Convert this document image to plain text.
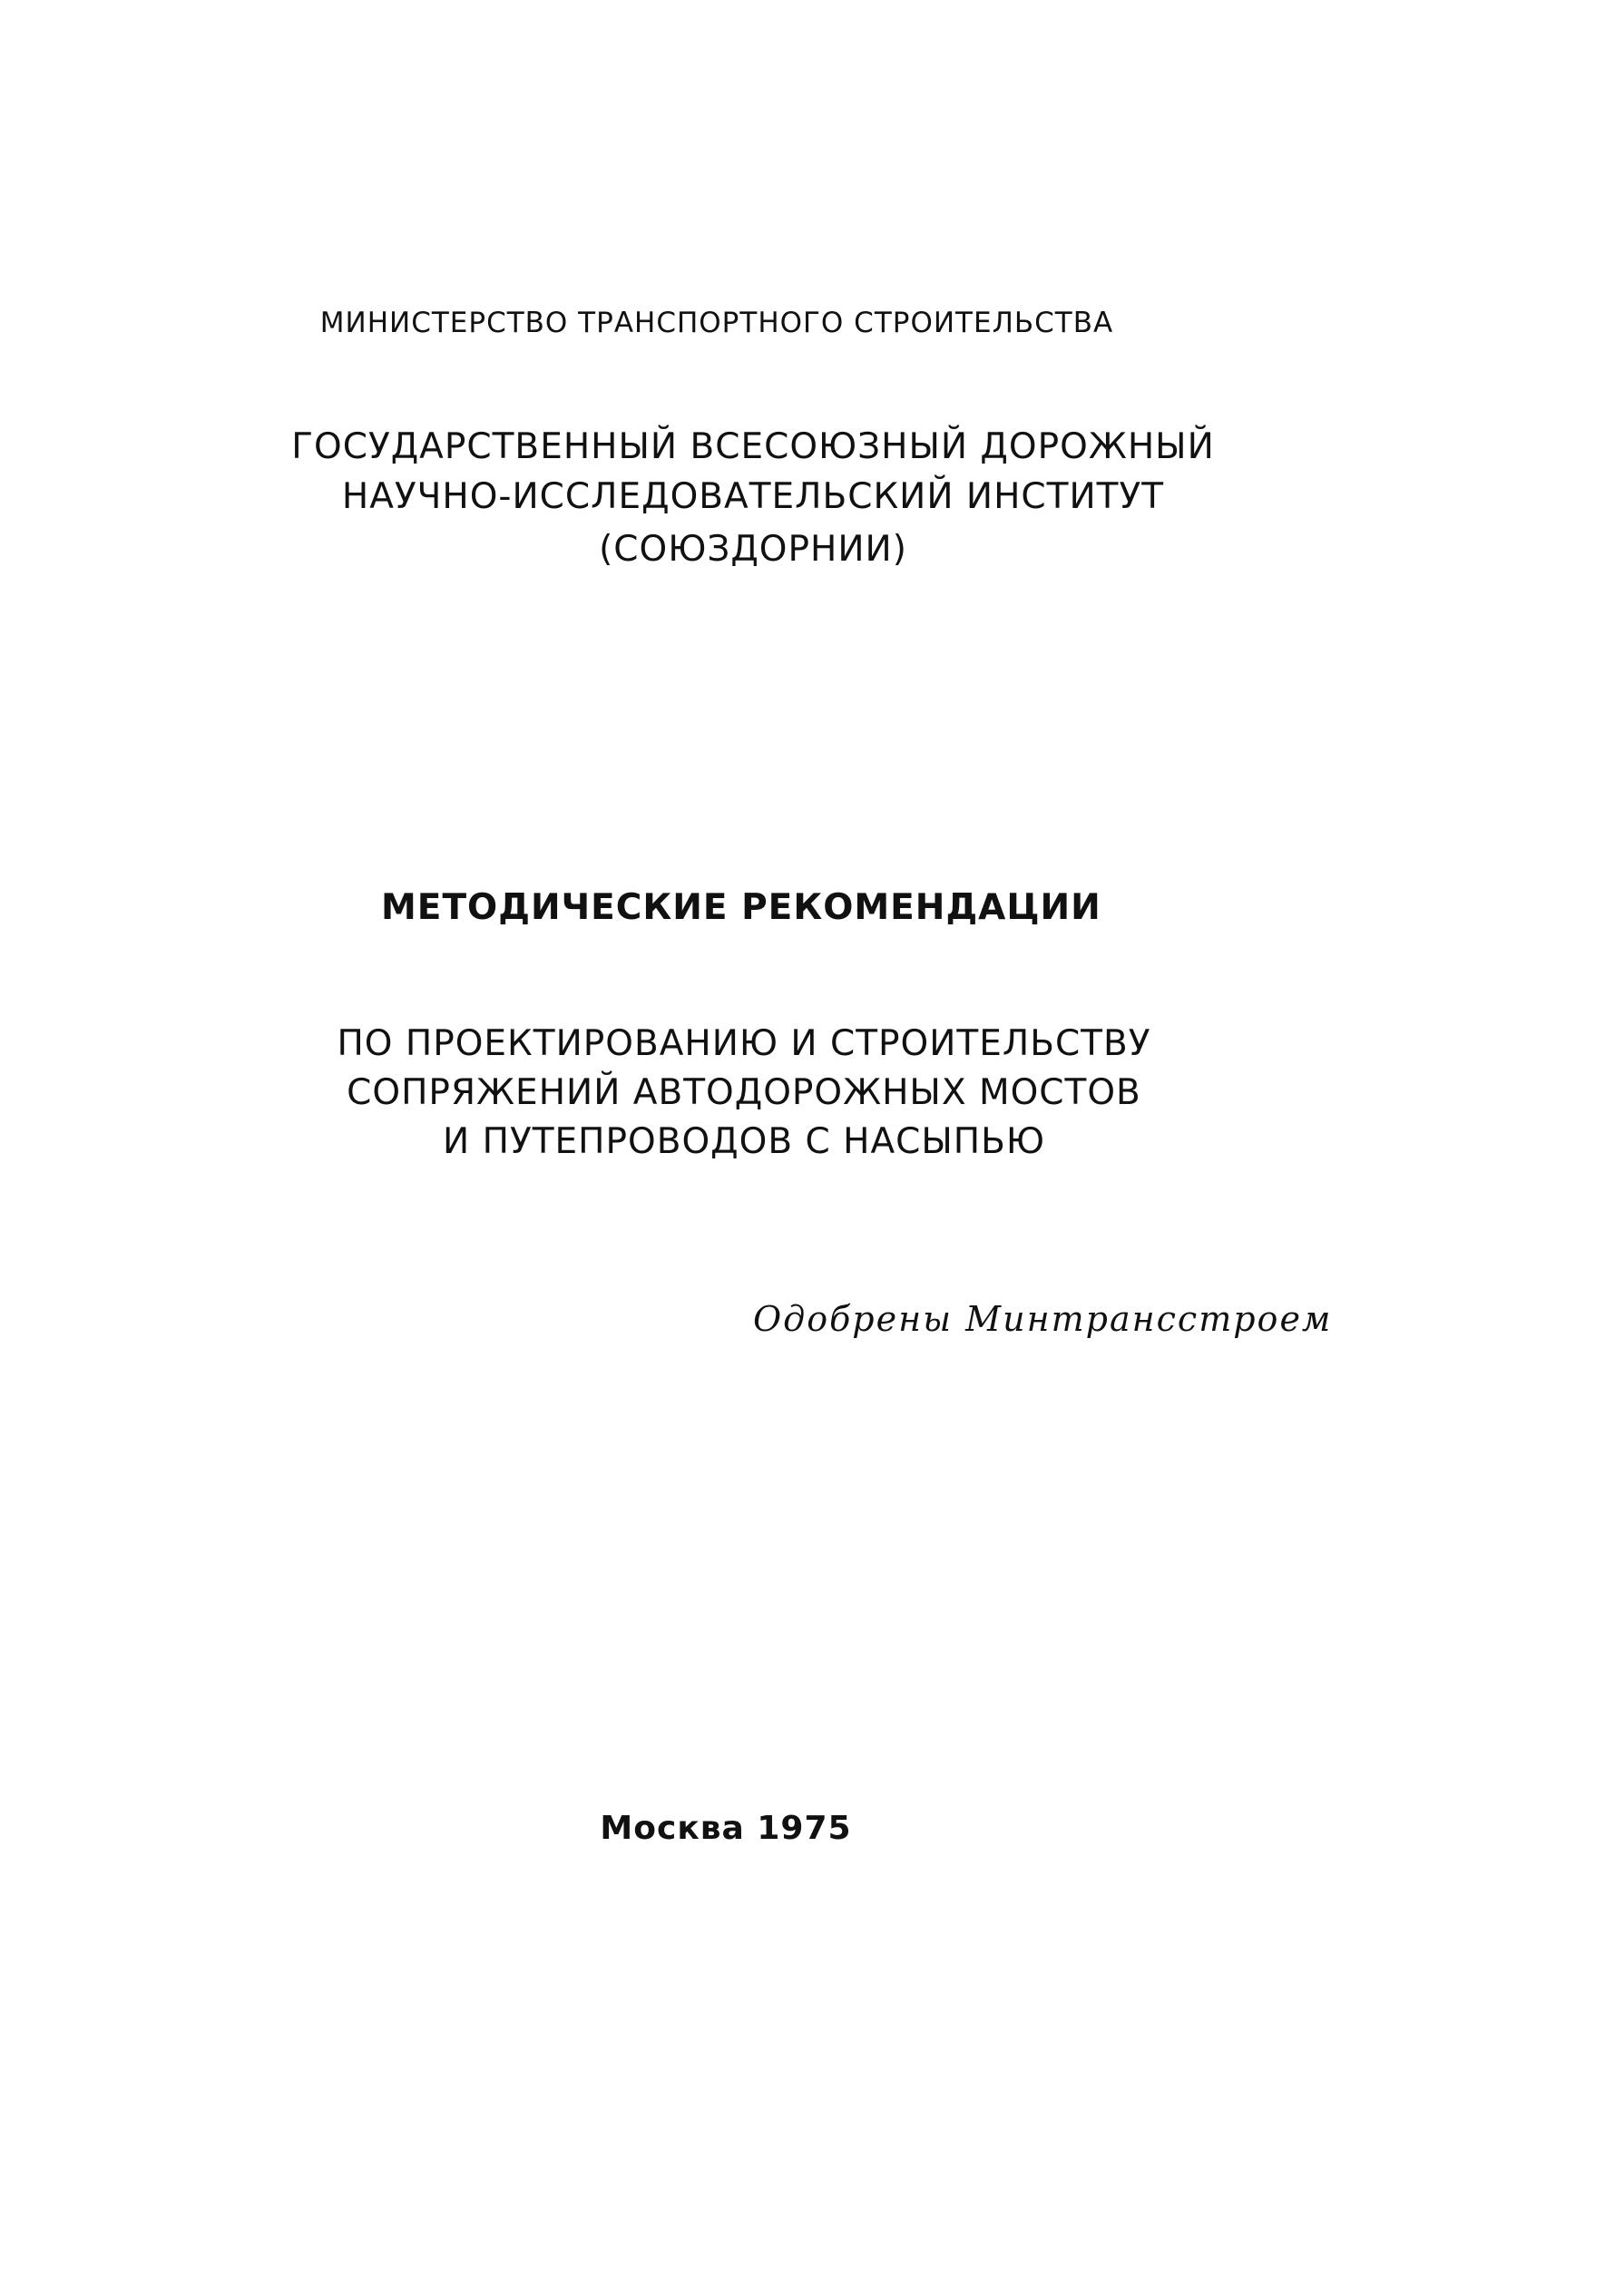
МИНИСТЕРСТВО ТРАНСПОРТНОГО СТРОИТЕЛЬСТВА

ГОСУДАРСТВЕННЫЙ ВСЕСОЮЗНЫЙ ДОРОЖНЫЙ

НАУЧНО-ИССЛЕДОВАТЕЛЬСКИЙ ИНСТИТУТ

(СОЮЗДОРНИИ)

МЕТОДИЧЕСКИЕ РЕКОМЕНДАЦИИ

ПО ПРОЕКТИРОВАНИЮ И СТРОИТЕЛЬСТВУ

СОПРЯЖЕНИЙ АВТОДОРОЖНЫХ МОСТОВ

И ПУТЕПРОВОДОВ С НАСЫПЬЮ

Одобрены Минтрансстроем

Москва 1975
